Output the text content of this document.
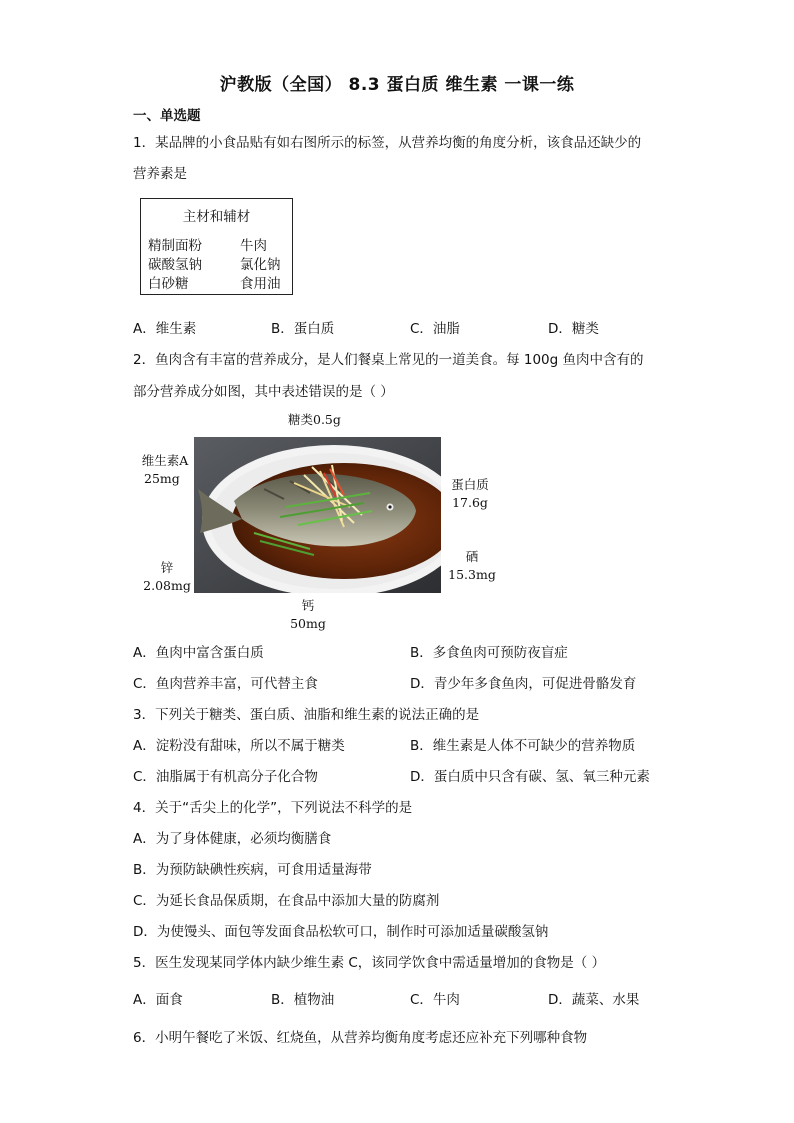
沪教版（全国） 8.3 蛋白质 维生素 一课一练
一、单选题
1．某品牌的小食品贴有如右图所示的标签，从营养均衡的角度分析，该食品还缺少的
营养素是
主材和辅材
精制面粉	牛肉
碳酸氢钠	氯化钠
白砂糖	食用油
A．维生素	B．蛋白质	C．油脂	D．糖类
2．鱼肉含有丰富的营养成分，是人们餐桌上常见的一道美食。每 100g 鱼肉中含有的
部分营养成分如图，其中表述错误的是（ ）
糖类0.5g
维生素A
25mg	蛋白质
17.6g
锌
2.08mg
硒
15.3mg
钙
50mg
A．鱼肉中富含蛋白质	B．多食鱼肉可预防夜盲症
C．鱼肉营养丰富，可代替主食	D．青少年多食鱼肉，可促进骨骼发育
3．下列关于糖类、蛋白质、油脂和维生素的说法正确的是
A．淀粉没有甜味，所以不属于糖类	B．维生素是人体不可缺少的营养物质
C．油脂属于有机高分子化合物	D．蛋白质中只含有碳、氢、氧三种元素
4．关于“舌尖上的化学”，下列说法不科学的是
A．为了身体健康，必须均衡膳食
B．为预防缺碘性疾病，可食用适量海带
C．为延长食品保质期，在食品中添加大量的防腐剂
D．为使馒头、面包等发面食品松软可口，制作时可添加适量碳酸氢钠
5．医生发现某同学体内缺少维生素 C，该同学饮食中需适量增加的食物是（ ）
A．面食	B．植物油	C．牛肉	D．蔬菜、水果
6．小明午餐吃了米饭、红烧鱼，从营养均衡角度考虑还应补充下列哪种食物
